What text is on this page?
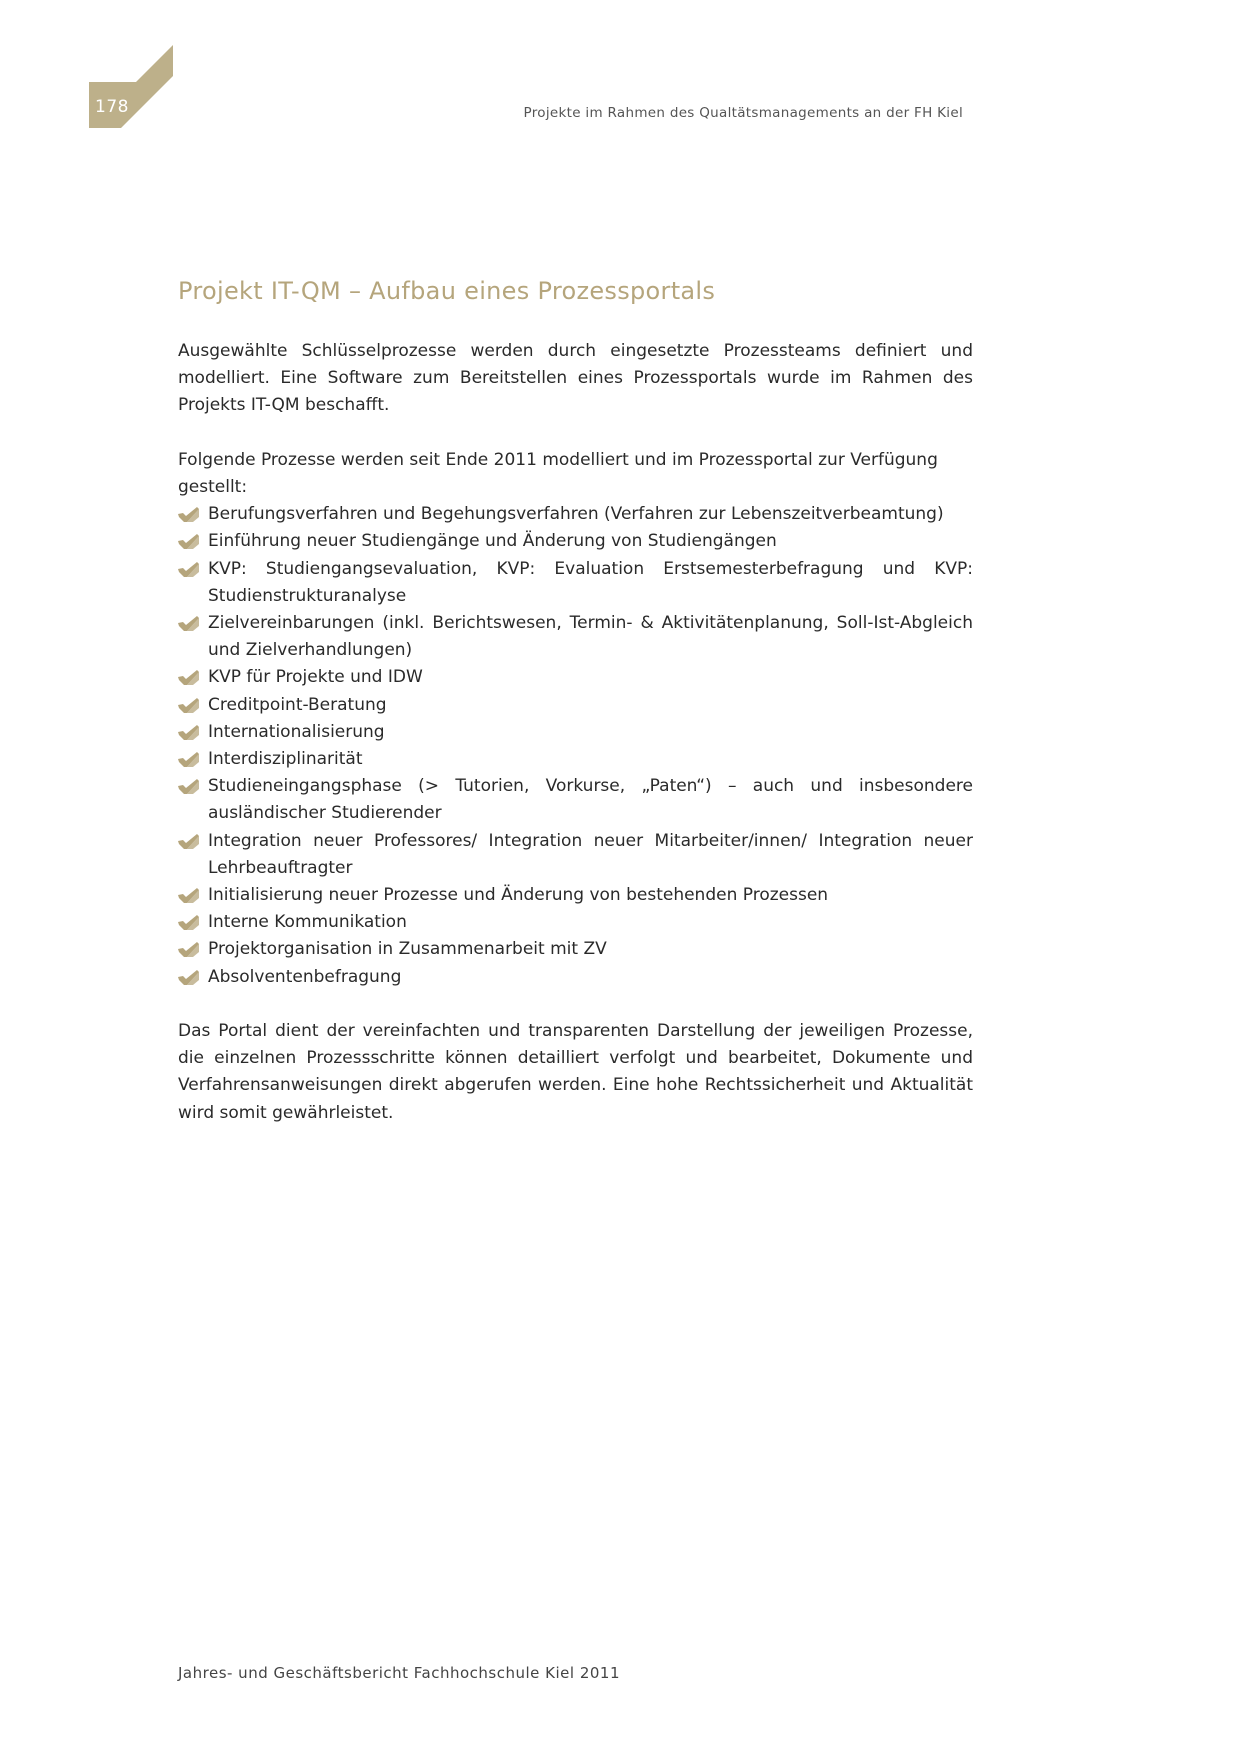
178	Projekte im Rahmen des Qualtätsmanagements an der FH Kiel
Projekt IT-QM – Aufbau eines Prozessportals

Ausgewählte Schlüsselprozesse werden durch eingesetzte Prozessteams definiert und modelliert. Eine Software zum Bereitstellen eines Prozessportals wurde im Rahmen des Projekts IT-QM beschafft.

Folgende Prozesse werden seit Ende 2011 modelliert und im Prozessportal zur Verfügung gestellt:

Berufungsverfahren und Begehungsverfahren (Verfahren zur Lebenszeitverbeamtung)
Einführung neuer Studiengänge und Änderung von Studiengängen
KVP: Studiengangsevaluation, KVP: Evaluation Erstsemesterbefragung und KVP: Studienstrukturanalyse
Zielvereinbarungen (inkl. Berichtswesen, Termin- & Aktivitätenplanung, Soll-Ist-Abgleich und Zielverhandlungen)
KVP für Projekte und IDW
Creditpoint-Beratung
Internationalisierung
Interdisziplinarität
Studieneingangsphase (> Tutorien, Vorkurse, „Paten“) – auch und insbesondere ausländischer Studierender
Integration neuer Professores/ Integration neuer Mitarbeiter/innen/ Integration neuer Lehrbeauftragter
Initialisierung neuer Prozesse und Änderung von bestehenden Prozessen
Interne Kommunikation
Projektorganisation in Zusammenarbeit mit ZV
Absolventenbefragung

Das Portal dient der vereinfachten und transparenten Darstellung der jeweiligen Prozesse, die einzelnen Prozessschritte können detailliert verfolgt und bearbeitet, Dokumente und Verfahrensanweisungen direkt abgerufen werden. Eine hohe Rechtssicherheit und Aktualität wird somit gewährleistet.

Jahres- und Geschäftsbericht Fachhochschule Kiel 2011
